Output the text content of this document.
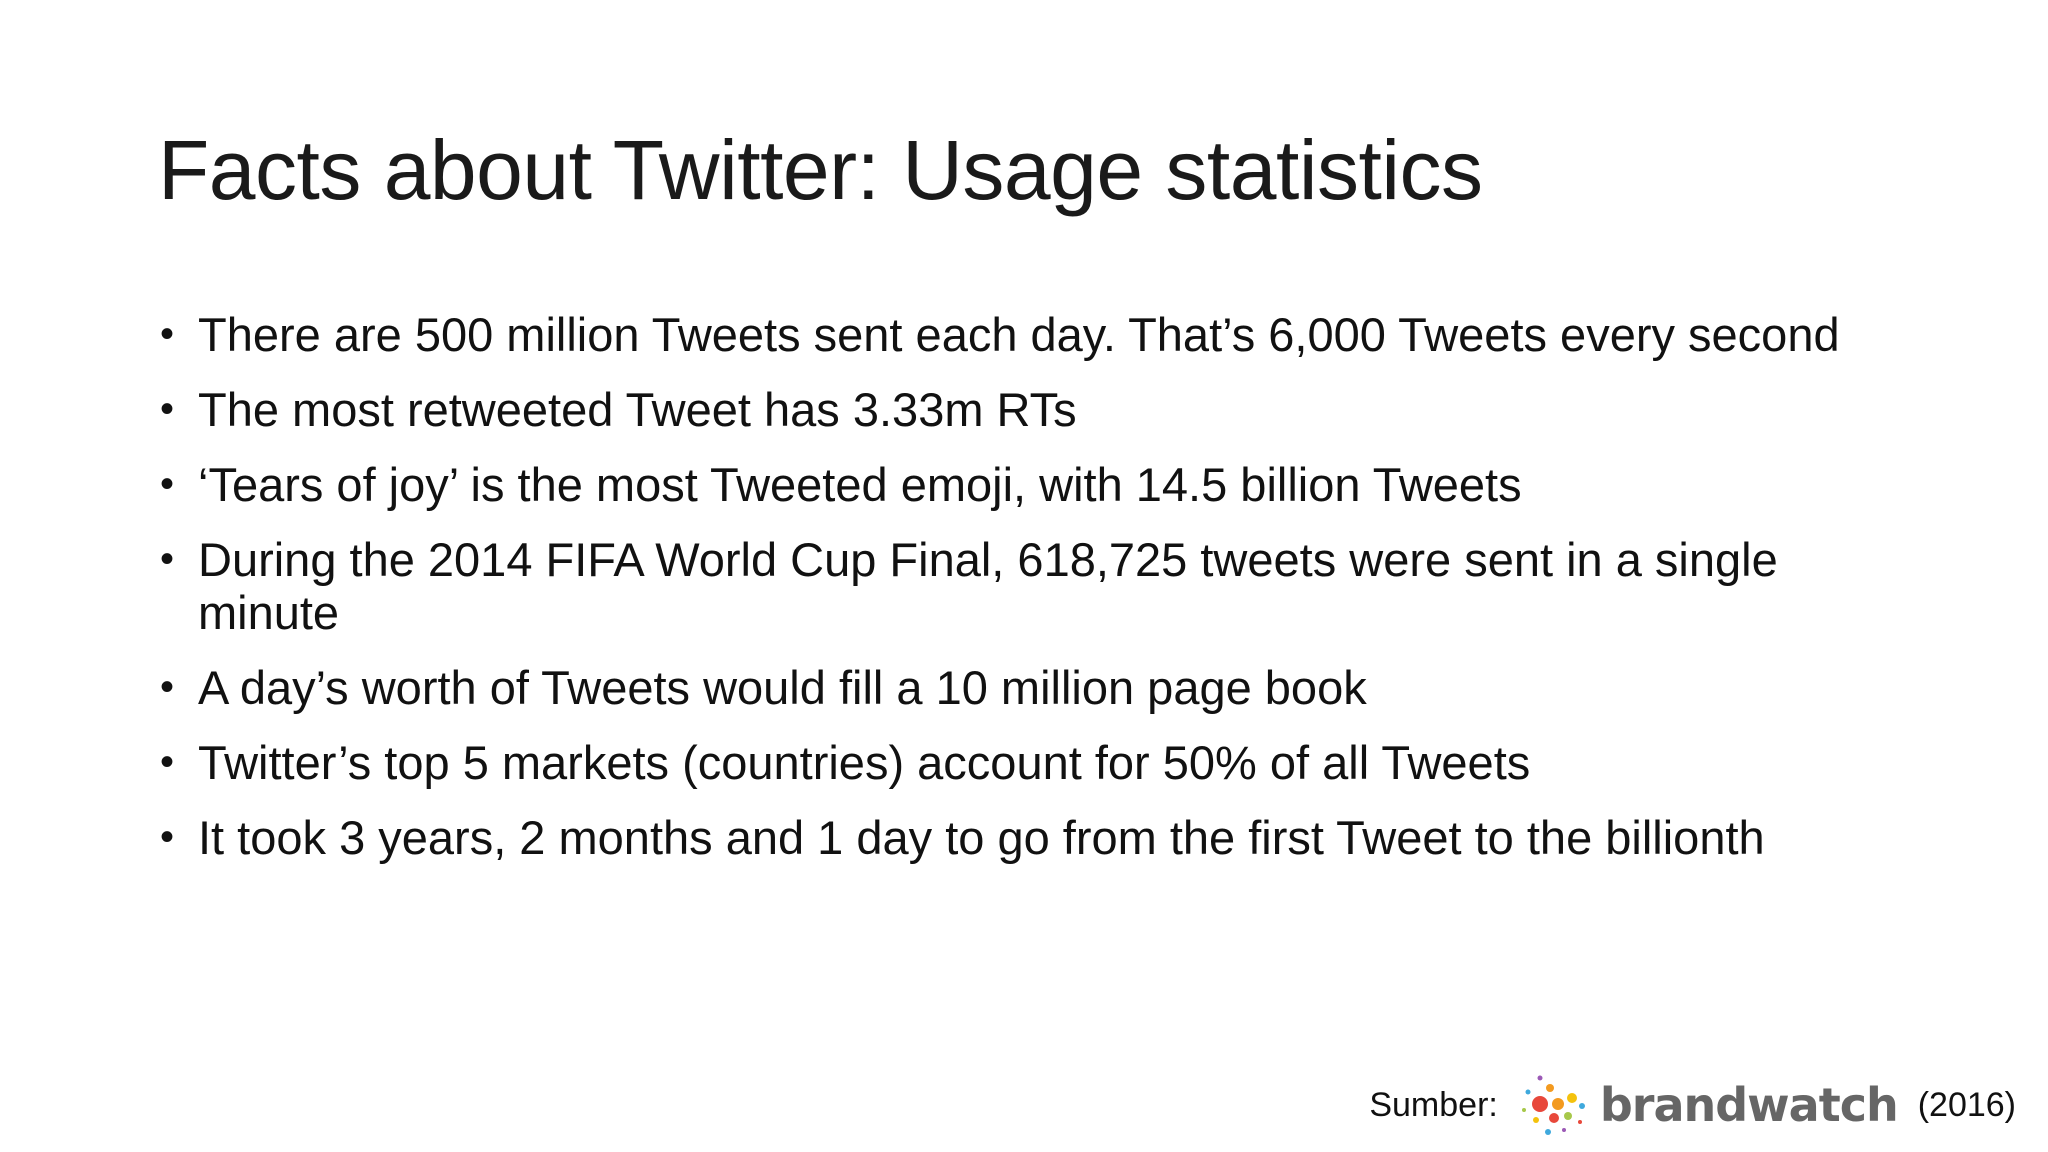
Facts about Twitter: Usage statistics
• There are 500 million Tweets sent each day. That’s 6,000 Tweets every second
• The most retweeted Tweet has 3.33m RTs
• ‘Tears of joy’ is the most Tweeted emoji, with 14.5 billion Tweets
• During the 2014 FIFA World Cup Final, 618,725 tweets were sent in a single minute
• A day’s worth of Tweets would fill a 10 million page book
• Twitter’s top 5 markets (countries) account for 50% of all Tweets
• It took 3 years, 2 months and 1 day to go from the first Tweet to the billionth
Sumber: brandwatch (2016)
